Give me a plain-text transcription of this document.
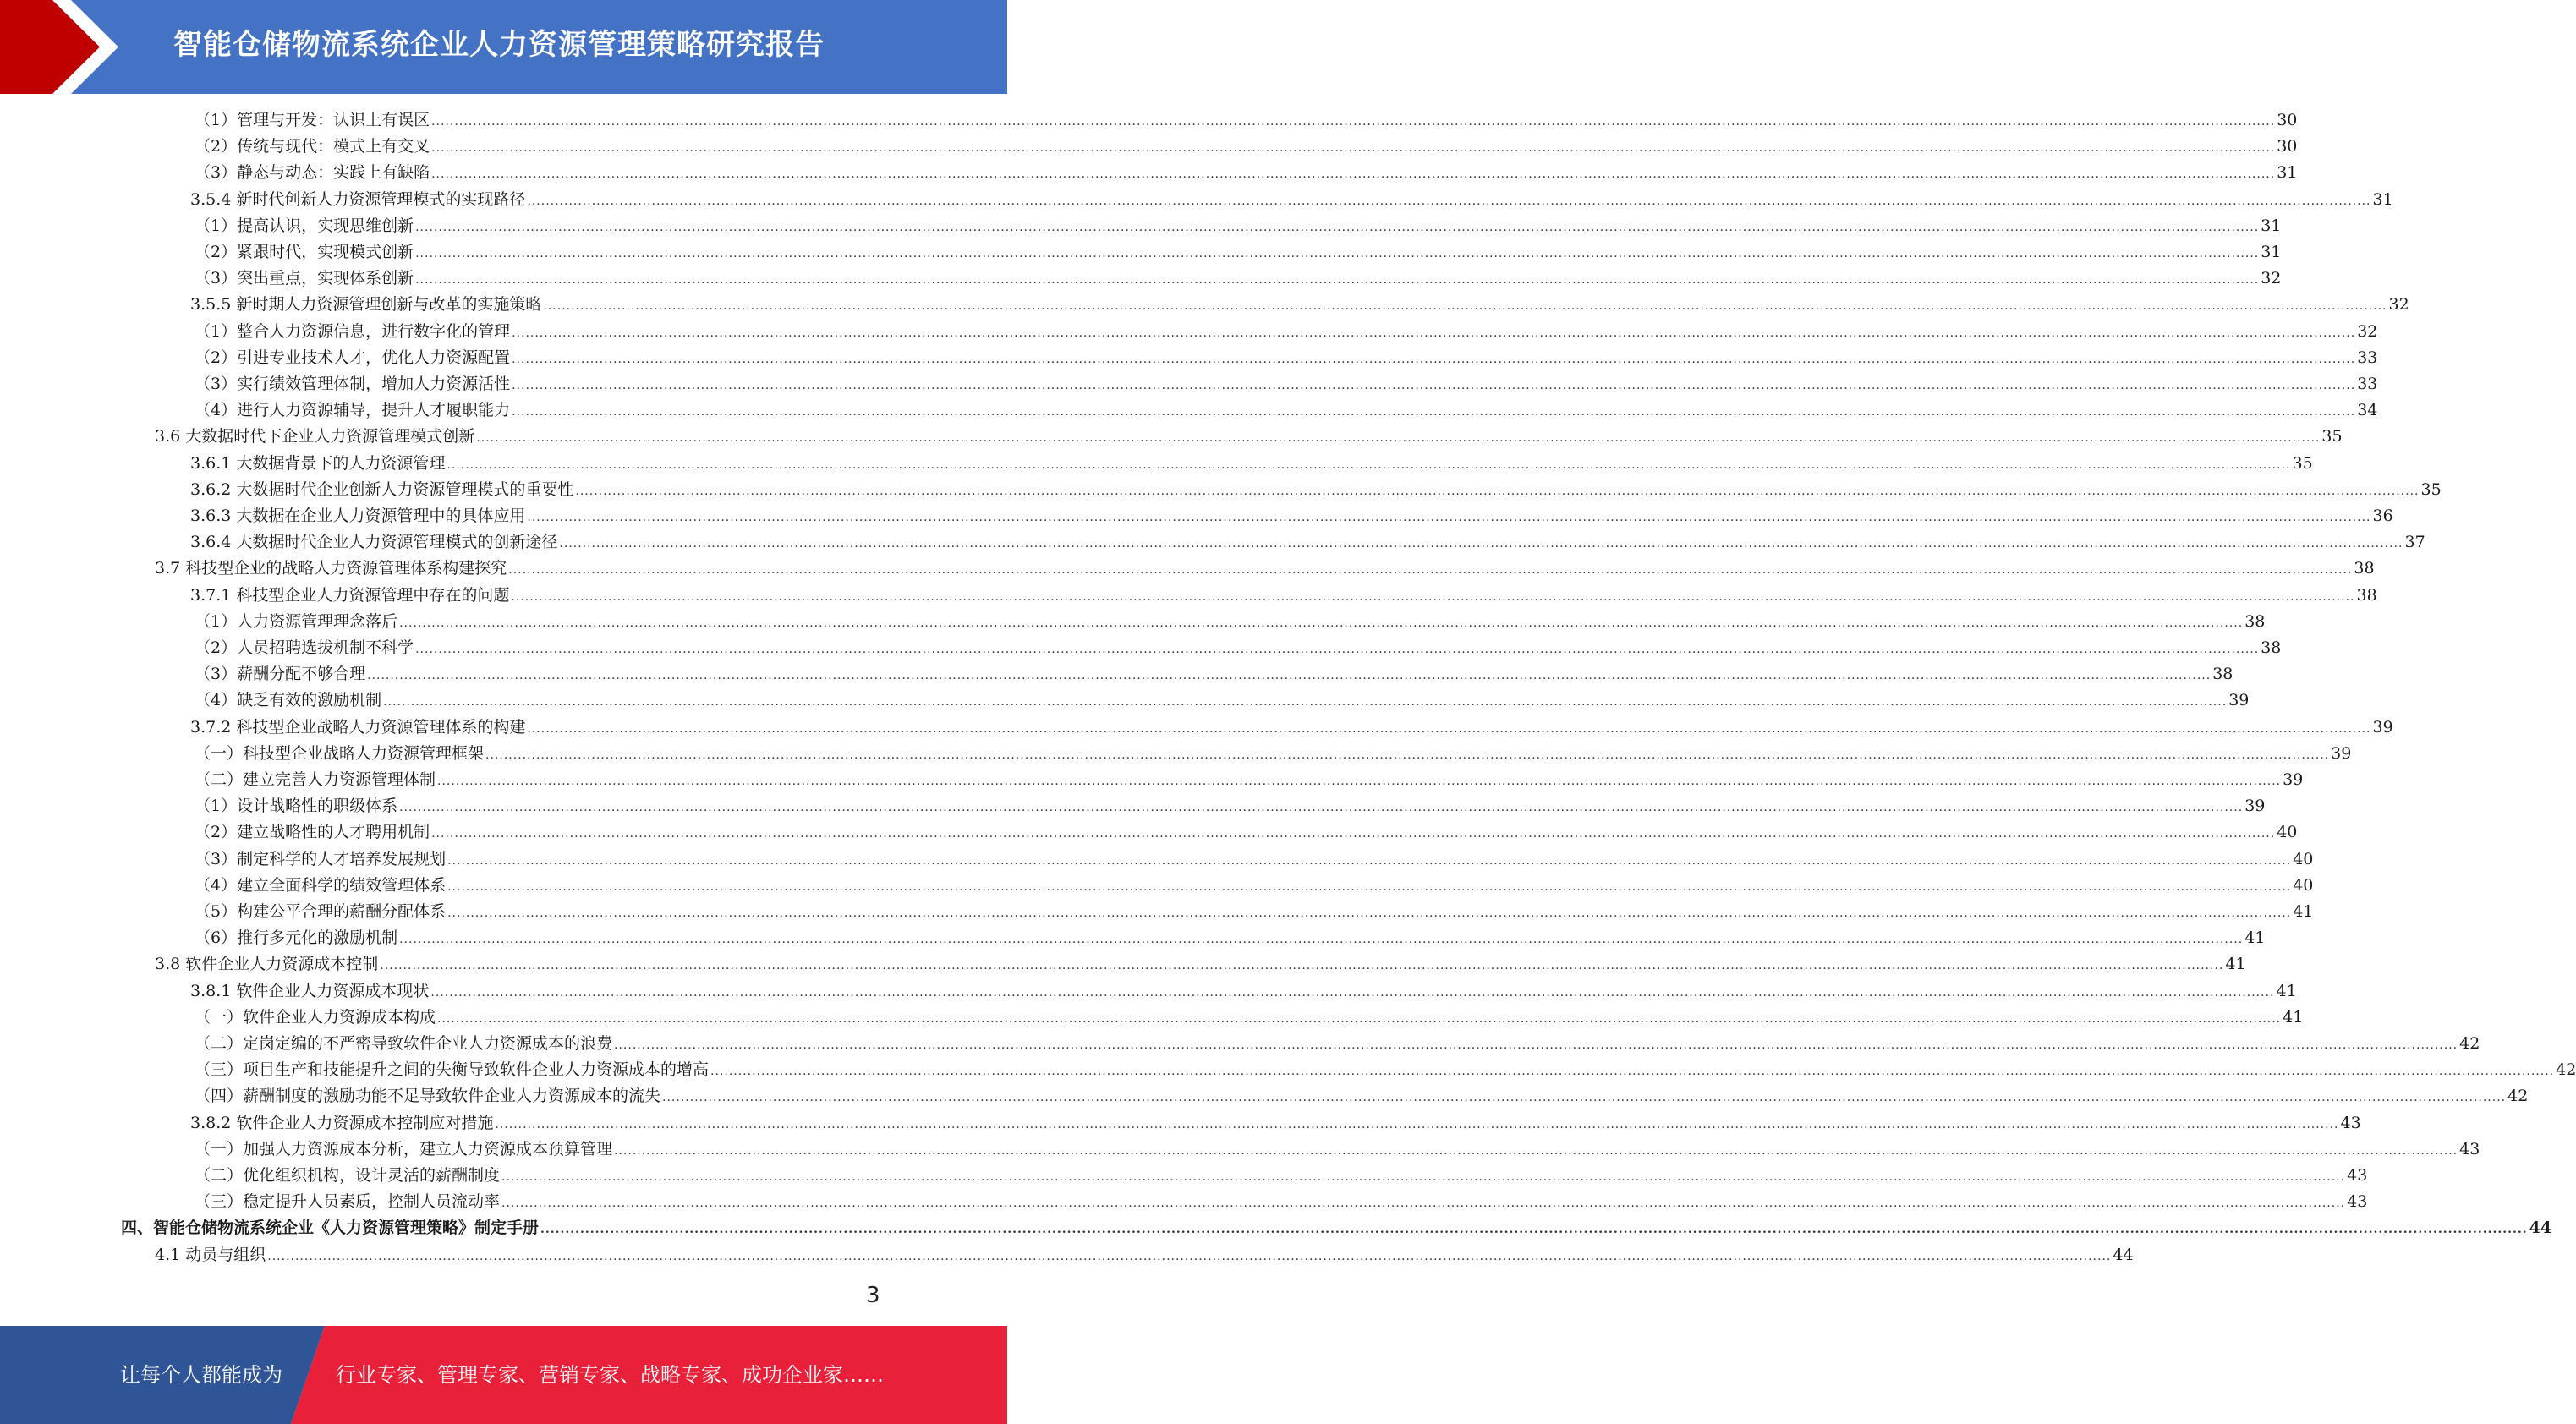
智能仓储物流系统企业人力资源管理策略研究报告
（1） 管理与开发：认识上有误区 ................................................................................................................................................................................................................................................................................................................................................................................................................ 30
（2） 传统与现代：模式上有交叉 ................................................................................................................................................................................................................................................................................................................................................................................................................ 30
（3） 静态与动态：实践上有缺陷 ................................................................................................................................................................................................................................................................................................................................................................................................................ 31
3.5.4 新时代创新人力资源管理模式的实现路径 ................................................................................................................................................................................................................................................................................................................................................................................................................ 31
（1） 提高认识，实现思维创新 ................................................................................................................................................................................................................................................................................................................................................................................................................ 31
（2） 紧跟时代，实现模式创新 ................................................................................................................................................................................................................................................................................................................................................................................................................ 31
（3） 突出重点，实现体系创新 ................................................................................................................................................................................................................................................................................................................................................................................................................ 32
3.5.5 新时期人力资源管理创新与改革的实施策略 ................................................................................................................................................................................................................................................................................................................................................................................................................ 32
（1） 整合人力资源信息，进行数字化的管理 ................................................................................................................................................................................................................................................................................................................................................................................................................ 32
（2） 引进专业技术人才，优化人力资源配置 ................................................................................................................................................................................................................................................................................................................................................................................................................ 33
（3） 实行绩效管理体制，增加人力资源活性 ................................................................................................................................................................................................................................................................................................................................................................................................................ 33
（4） 进行人力资源辅导，提升人才履职能力 ................................................................................................................................................................................................................................................................................................................................................................................................................ 34
3.6 大数据时代下企业人力资源管理模式创新 ................................................................................................................................................................................................................................................................................................................................................................................................................ 35
3.6.1 大数据背景下的人力资源管理 ................................................................................................................................................................................................................................................................................................................................................................................................................ 35
3.6.2 大数据时代企业创新人力资源管理模式的重要性 ................................................................................................................................................................................................................................................................................................................................................................................................................ 35
3.6.3 大数据在企业人力资源管理中的具体应用 ................................................................................................................................................................................................................................................................................................................................................................................................................ 36
3.6.4 大数据时代企业人力资源管理模式的创新途径 ................................................................................................................................................................................................................................................................................................................................................................................................................ 37
3.7 科技型企业的战略人力资源管理体系构建探究 ................................................................................................................................................................................................................................................................................................................................................................................................................ 38
3.7.1 科技型企业人力资源管理中存在的问题 ................................................................................................................................................................................................................................................................................................................................................................................................................ 38
（1） 人力资源管理理念落后 ................................................................................................................................................................................................................................................................................................................................................................................................................ 38
（2） 人员招聘选拔机制不科学 ................................................................................................................................................................................................................................................................................................................................................................................................................ 38
（3） 薪酬分配不够合理 ................................................................................................................................................................................................................................................................................................................................................................................................................ 38
（4） 缺乏有效的激励机制 ................................................................................................................................................................................................................................................................................................................................................................................................................ 39
3.7.2 科技型企业战略人力资源管理体系的构建 ................................................................................................................................................................................................................................................................................................................................................................................................................ 39
（一） 科技型企业战略人力资源管理框架 ................................................................................................................................................................................................................................................................................................................................................................................................................ 39
（二） 建立完善人力资源管理体制 ................................................................................................................................................................................................................................................................................................................................................................................................................ 39
（1） 设计战略性的职级体系 ................................................................................................................................................................................................................................................................................................................................................................................................................ 39
（2） 建立战略性的人才聘用机制 ................................................................................................................................................................................................................................................................................................................................................................................................................ 40
（3） 制定科学的人才培养发展规划 ................................................................................................................................................................................................................................................................................................................................................................................................................ 40
（4） 建立全面科学的绩效管理体系 ................................................................................................................................................................................................................................................................................................................................................................................................................ 40
（5） 构建公平合理的薪酬分配体系 ................................................................................................................................................................................................................................................................................................................................................................................................................ 41
（6） 推行多元化的激励机制 ................................................................................................................................................................................................................................................................................................................................................................................................................ 41
3.8 软件企业人力资源成本控制 ................................................................................................................................................................................................................................................................................................................................................................................................................ 41
3.8.1 软件企业人力资源成本现状 ................................................................................................................................................................................................................................................................................................................................................................................................................ 41
（一） 软件企业人力资源成本构成 ................................................................................................................................................................................................................................................................................................................................................................................................................ 41
（二） 定岗定编的不严密导致软件企业人力资源成本的浪费 ................................................................................................................................................................................................................................................................................................................................................................................................................ 42
（三） 项目生产和技能提升之间的失衡导致软件企业人力资源成本的增高 ................................................................................................................................................................................................................................................................................................................................................................................................................ 42
（四） 薪酬制度的激励功能不足导致软件企业人力资源成本的流失 ................................................................................................................................................................................................................................................................................................................................................................................................................ 42
3.8.2 软件企业人力资源成本控制应对措施 ................................................................................................................................................................................................................................................................................................................................................................................................................ 43
（一） 加强人力资源成本分析，建立人力资源成本预算管理 ................................................................................................................................................................................................................................................................................................................................................................................................................ 43
（二） 优化组织机构，设计灵活的薪酬制度 ................................................................................................................................................................................................................................................................................................................................................................................................................ 43
（三） 稳定提升人员素质，控制人员流动率 ................................................................................................................................................................................................................................................................................................................................................................................................................ 43
四、 智能仓储物流系统企业《人力资源管理策略》制定手册 ................................................................................................................................................................................................................................................................................................................................................................................................................ 44
4.1 动员与组织 ................................................................................................................................................................................................................................................................................................................................................................................................................ 44
3
让每个人都能成为	行业专家、管理专家、营销专家、战略专家、成功企业家……
